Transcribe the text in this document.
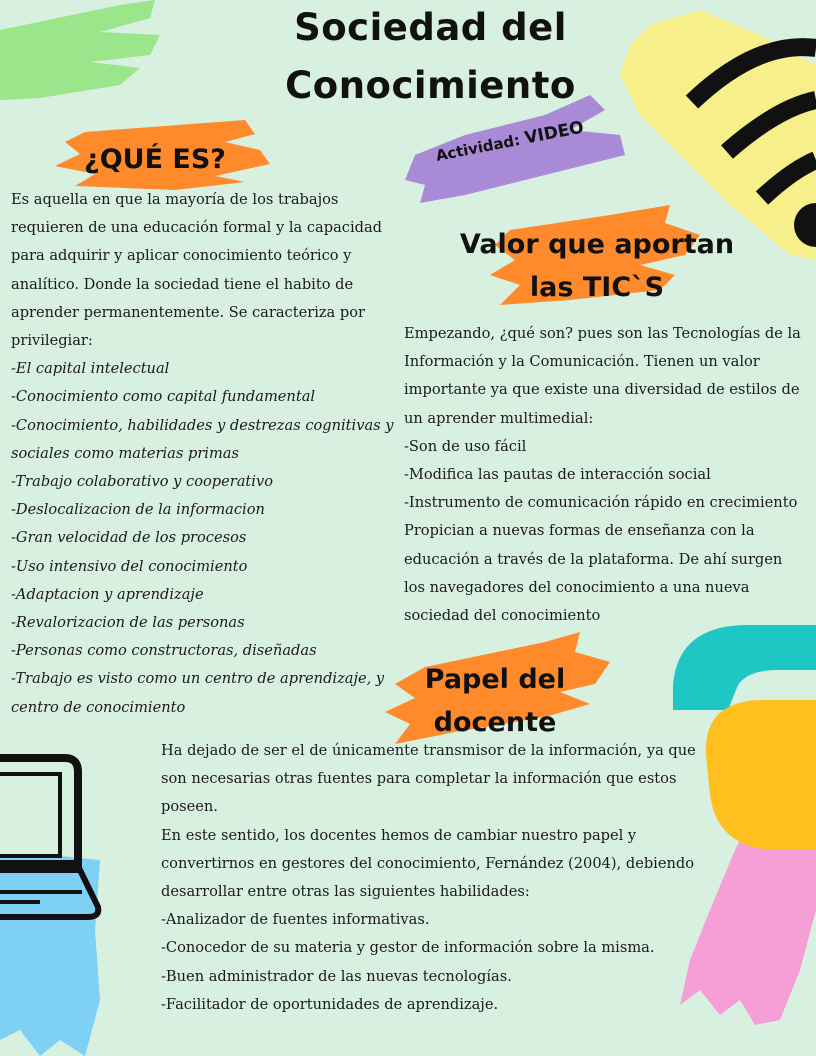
Sociedad del
Conocimiento
¿QUÉ ES?
Es aquella en que la mayoría de los trabajos
requieren de una educación formal y la capacidad
para adquirir y aplicar conocimiento teórico y
analítico. Donde la sociedad tiene el habito de
aprender permanentemente. Se caracteriza por
privilegiar:
-El capital intelectual
-Conocimiento como capital fundamental
-Conocimiento, habilidades y destrezas cognitivas y
sociales como materias primas
-Trabajo colaborativo y cooperativo
-Deslocalizacion de la informacion
-Gran velocidad de los procesos
-Uso intensivo del conocimiento
-Adaptacion y aprendizaje
-Revalorizacion de las personas
-Personas como constructoras, diseñadas
-Trabajo es visto como un centro de aprendizaje, y
centro de conocimiento
Actividad: VIDEO
Valor que aportan
las TIC`S
Empezando, ¿qué son? pues son las Tecnologías de la
Información y la Comunicación. Tienen un valor
importante ya que existe una diversidad de estilos de
un aprender multimedial:
-Son de uso fácil
-Modifica las pautas de interacción social
-Instrumento de comunicación rápido en crecimiento
Propician a nuevas formas de enseñanza con la
educación a través de la plataforma. De ahí surgen
los navegadores del conocimiento a una nueva
sociedad del conocimiento
Papel del
docente
Ha dejado de ser el de únicamente transmisor de la información, ya que
son necesarias otras fuentes para completar la información que estos
poseen.
En este sentido, los docentes hemos de cambiar nuestro papel y
convertirnos en gestores del conocimiento, Fernández (2004), debiendo
desarrollar entre otras las siguientes habilidades:
-Analizador de fuentes informativas.
-Conocedor de su materia y gestor de información sobre la misma.
-Buen administrador de las nuevas tecnologías.
-Facilitador de oportunidades de aprendizaje.
